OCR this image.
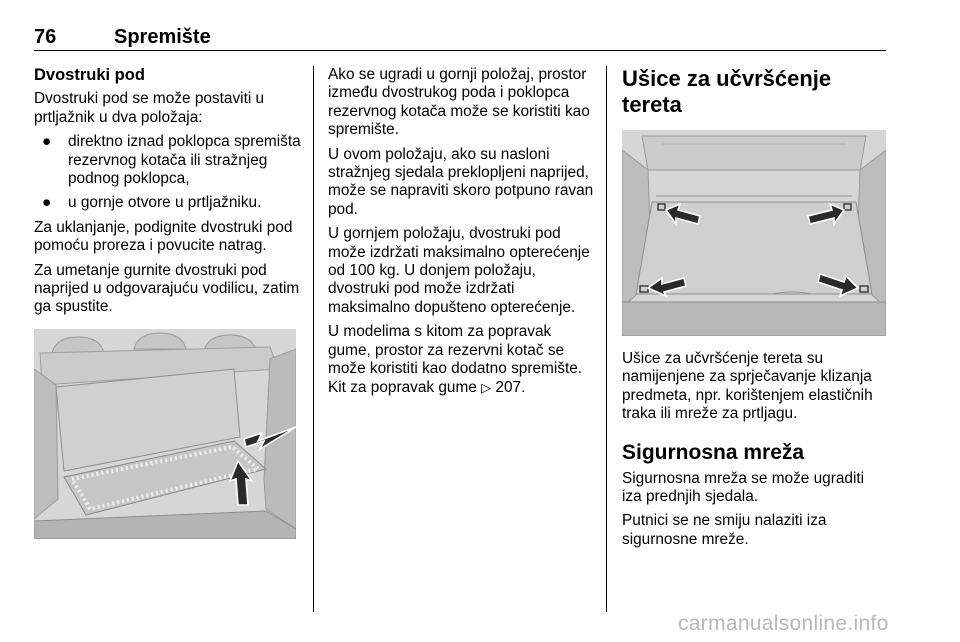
76	Spremište
Dvostruki pod

Dvostruki pod se može postaviti u prtljažnik u dva položaja:

● direktno iznad poklopca spremišta rezervnog kotača ili stražnjeg podnog poklopca,
● u gornje otvore u prtljažniku.

Za uklanjanje, podignite dvostruki pod pomoću proreza i povucite natrag.

Za umetanje gurnite dvostruki pod naprijed u odgovarajuću vodilicu, zatim ga spustite.

Ako se ugradi u gornji položaj, prostor između dvostrukog poda i poklopca rezervnog kotača može se koristiti kao spremište.

U ovom položaju, ako su nasloni stražnjeg sjedala preklopljeni naprijed, može se napraviti skoro potpuno ravan pod.

U gornjem položaju, dvostruki pod može izdržati maksimalno opterećenje od 100 kg. U donjem položaju, dvostruki pod može izdržati maksimalno dopušteno opterećenje.

U modelima s kitom za popravak gume, prostor za rezervni kotač se može koristiti kao dodatno spremište. Kit za popravak gume ▷ 207.

Ušice za učvršćenje tereta

Ušice za učvršćenje tereta su namijenjene za sprječavanje klizanja predmeta, npr. korištenjem elastičnih traka ili mreže za prtljagu.

Sigurnosna mreža

Sigurnosna mreža se može ugraditi iza prednjih sjedala.

Putnici se ne smiju nalaziti iza sigurnosne mreže.

carmanualsonline.info
